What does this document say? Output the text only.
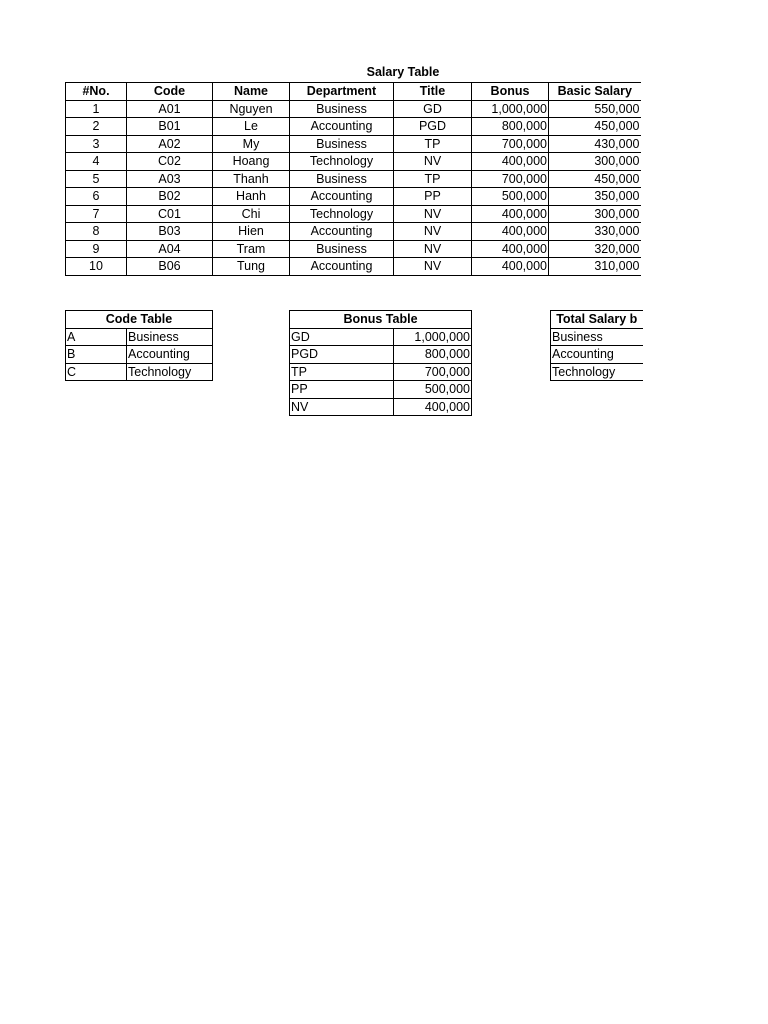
Salary Table
#No.	Code	Name	Department	Title	Bonus	Basic Salary
1	A01	Nguyen	Business	GD	1,000,000	550,000
2	B01	Le	Accounting	PGD	800,000	450,000
3	A02	My	Business	TP	700,000	430,000
4	C02	Hoang	Technology	NV	400,000	300,000
5	A03	Thanh	Business	TP	700,000	450,000
6	B02	Hanh	Accounting	PP	500,000	350,000
7	C01	Chi	Technology	NV	400,000	300,000
8	B03	Hien	Accounting	NV	400,000	330,000
9	A04	Tram	Business	NV	400,000	320,000
10	B06	Tung	Accounting	NV	400,000	310,000
Code Table	
A	Business
B	Accounting
C	Technology
Bonus Table	
GD	1,000,000
PGD	800,000
TP	700,000
PP	500,000
NV	400,000
Total Salary b
Business
Accounting
Technology
